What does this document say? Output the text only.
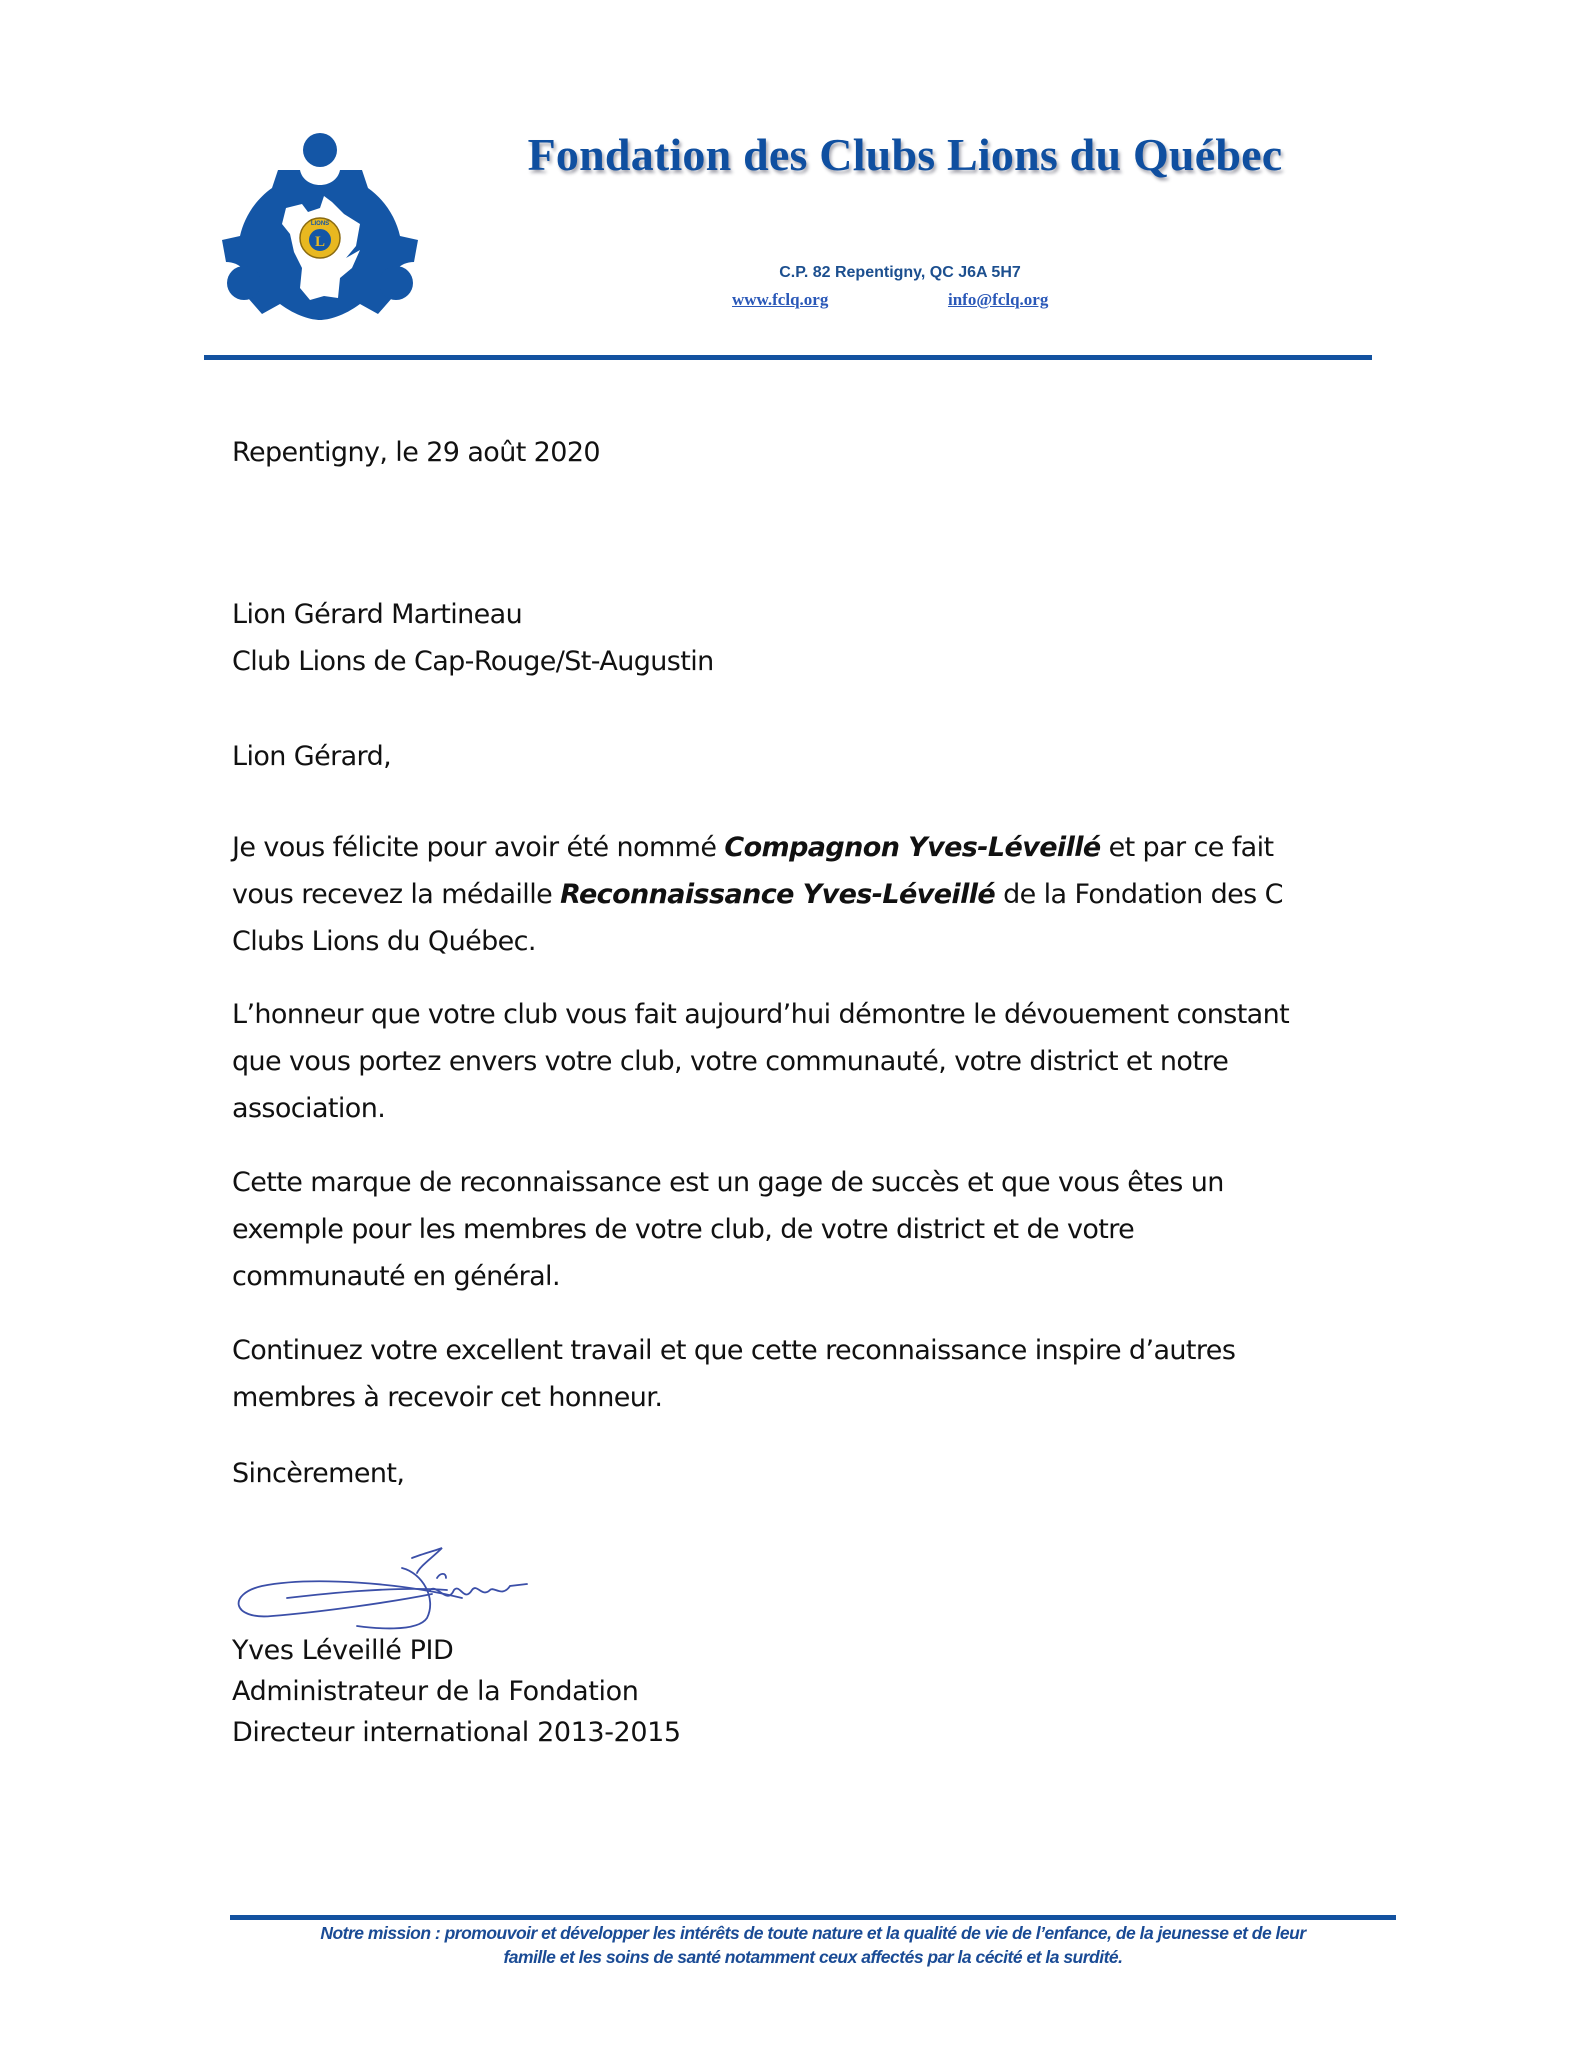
L
LIONS
Fondation des Clubs Lions du Québec
C.P. 82 Repentigny, QC J6A 5H7
www.fclq.org	info@fclq.org
Repentigny, le 29 août 2020
Lion Gérard Martineau
Club Lions de Cap-Rouge/St-Augustin
Lion Gérard,
Je vous félicite pour avoir été nommé Compagnon Yves-Léveillé et par ce fait
vous recevez la médaille Reconnaissance Yves-Léveillé de la Fondation des C
Clubs Lions du Québec.
L’honneur que votre club vous fait aujourd’hui démontre le dévouement constant
que vous portez envers votre club, votre communauté, votre district et notre
association.
Cette marque de reconnaissance est un gage de succès et que vous êtes un
exemple pour les membres de votre club, de votre district et de votre
communauté en général.
Continuez votre excellent travail et que cette reconnaissance inspire d’autres
membres à recevoir cet honneur.
Sincèrement,
Yves Léveillé PID
Administrateur de la Fondation
Directeur international 2013-2015
Notre mission : promouvoir et développer les intérêts de toute nature et la qualité de vie de l’enfance, de la jeunesse et de leur
famille et les soins de santé notamment ceux affectés par la cécité et la surdité.
